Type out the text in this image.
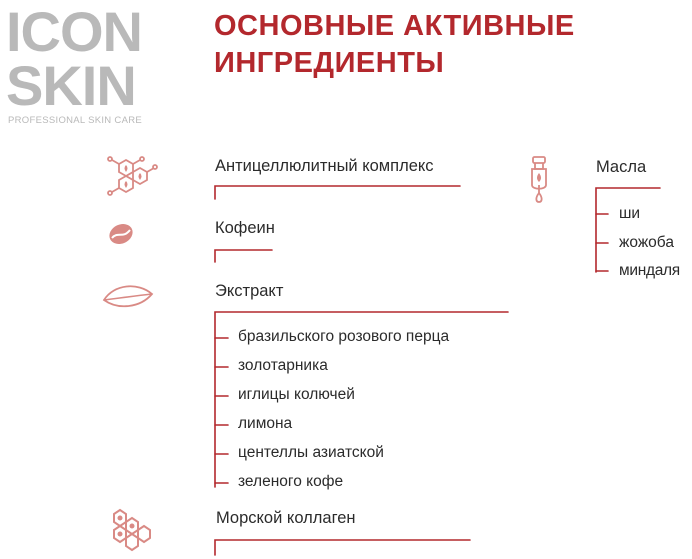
ICON
SKIN
PROFESSIONAL SKIN CARE
ОСНОВНЫЕ АКТИВНЫЕ
ИНГРЕДИЕНТЫ
Антицеллюлитный комплекс
Кофеин
Экстракт
бразильского розового перца
золотарника
иглицы колючей
лимона
центеллы азиатской
зеленого кофе
Морской коллаген
Масла
ши
жожоба
миндаля
